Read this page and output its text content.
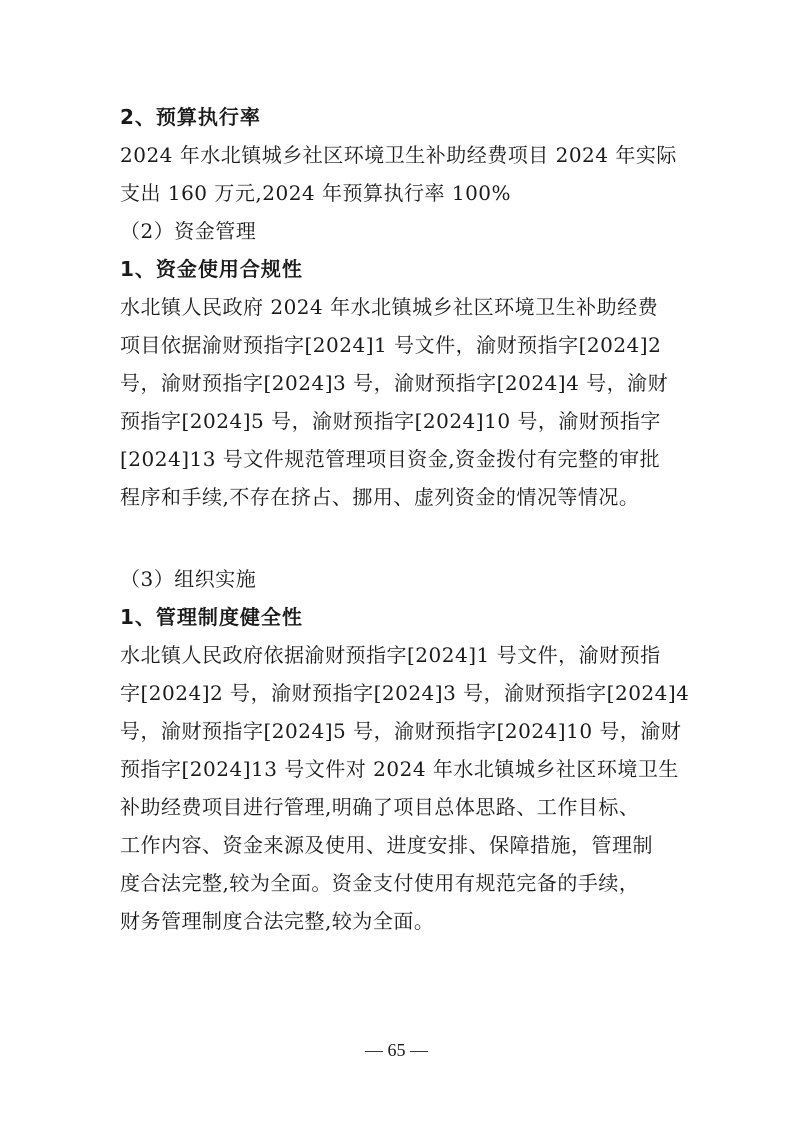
2、预算执行率
2024 年水北镇城乡社区环境卫生补助经费项目 2024 年实际
支出 160 万元,2024 年预算执行率 100%
（2）资金管理
1、资金使用合规性
水北镇人民政府 2024 年水北镇城乡社区环境卫生补助经费
项目依据渝财预指字[2024]1 号文件，渝财预指字[2024]2
号，渝财预指字[2024]3 号，渝财预指字[2024]4 号，渝财
预指字[2024]5 号，渝财预指字[2024]10 号，渝财预指字
[2024]13 号文件规范管理项目资金,资金拨付有完整的审批
程序和手续,不存在挤占、挪用、虚列资金的情况等情况。
（3）组织实施
1、管理制度健全性
水北镇人民政府依据渝财预指字[2024]1 号文件，渝财预指
字[2024]2 号，渝财预指字[2024]3 号，渝财预指字[2024]4
号，渝财预指字[2024]5 号，渝财预指字[2024]10 号，渝财
预指字[2024]13 号文件对 2024 年水北镇城乡社区环境卫生
补助经费项目进行管理,明确了项目总体思路、工作目标、
工作内容、资金来源及使用、进度安排、保障措施，管理制
度合法完整,较为全面。资金支付使用有规范完备的手续，
财务管理制度合法完整,较为全面。
— 65 —
